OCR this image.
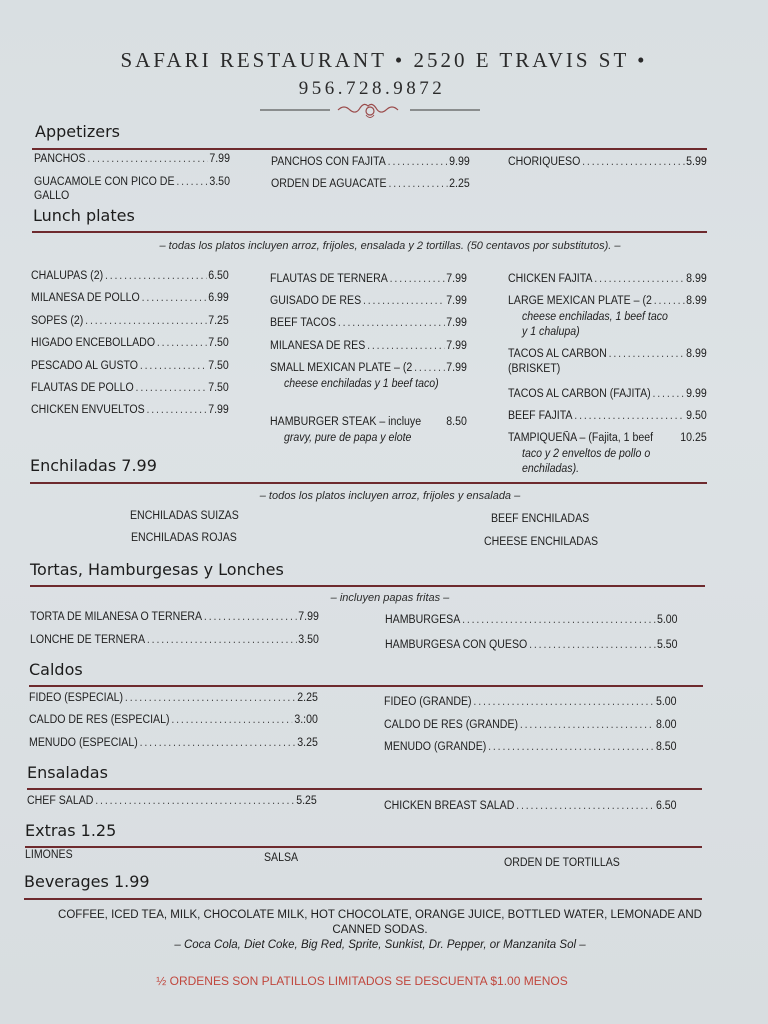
SAFARI RESTAURANT • 2520 E TRAVIS ST •
956.728.9872
Appetizers
PANCHOS .....	7.99
GUACAMOLE CON PICO DE .....	3.50
GALLO
PANCHOS CON FAJITA .....	9.99
ORDEN DE AGUACATE .....	2.25
CHORIQUESO .....	5.99
Lunch plates
– todas los platos incluyen arroz, frijoles, ensalada y 2 tortillas. (50 centavos por substitutos). –
CHALUPAS (2) .....	6.50
MILANESA DE POLLO .....	6.99
SOPES (2) .....	7.25
HIGADO ENCEBOLLADO .....	7.50
PESCADO AL GUSTO .....	7.50
FLAUTAS DE POLLO .....	7.50
CHICKEN ENVUELTOS .....	7.99
FLAUTAS DE TERNERA .....	7.99
GUISADO DE RES .....	7.99
BEEF TACOS .....	7.99
MILANESA DE RES .....	7.99
SMALL MEXICAN PLATE – (2 .....	7.99
cheese enchiladas y 1 beef taco)
HAMBURGER STEAK – incluye 8.50
gravy, pure de papa y elote
CHICKEN FAJITA .....	8.99
LARGE MEXICAN PLATE – (2 .....	8.99
cheese enchiladas, 1 beef taco y 1 chalupa)
TACOS AL CARBON .....	8.99
(BRISKET)
TACOS AL CARBON (FAJITA) .....	9.99
BEEF FAJITA .....	9.50
TAMPIQUEÑA – (Fajita, 1 beef 10.25
taco y 2 enveltos de pollo o enchiladas).
Enchiladas 7.99
– todos los platos incluyen arroz, frijoles y ensalada –
ENCHILADAS SUIZAS
ENCHILADAS ROJAS
BEEF ENCHILADAS
CHEESE ENCHILADAS
Tortas, Hamburgesas y Lonches
– incluyen papas fritas –
TORTA DE MILANESA O TERNERA .....	7.99
LONCHE DE TERNERA .....	3.50
HAMBURGESA .....	5.00
HAMBURGESA CON QUESO .....	5.50
Caldos
FIDEO (ESPECIAL) .....	2.25
CALDO DE RES (ESPECIAL) .....	3.:00
MENUDO (ESPECIAL) .....	3.25
FIDEO (GRANDE) .....	5.00
CALDO DE RES (GRANDE) .....	8.00
MENUDO (GRANDE) .....	8.50
Ensaladas
CHEF SALAD .....	5.25	CHICKEN BREAST SALAD .....	6.50
Extras 1.25
LIMONES	SALSA	ORDEN DE TORTILLAS
Beverages 1.99
COFFEE, ICED TEA, MILK, CHOCOLATE MILK, HOT CHOCOLATE, ORANGE JUICE, BOTTLED WATER, LEMONADE AND
CANNED SODAS.
– Coca Cola, Diet Coke, Big Red, Sprite, Sunkist, Dr. Pepper, or Manzanita Sol –
½ ORDENES SON PLATILLOS LIMITADOS SE DESCUENTA $1.00 MENOS
